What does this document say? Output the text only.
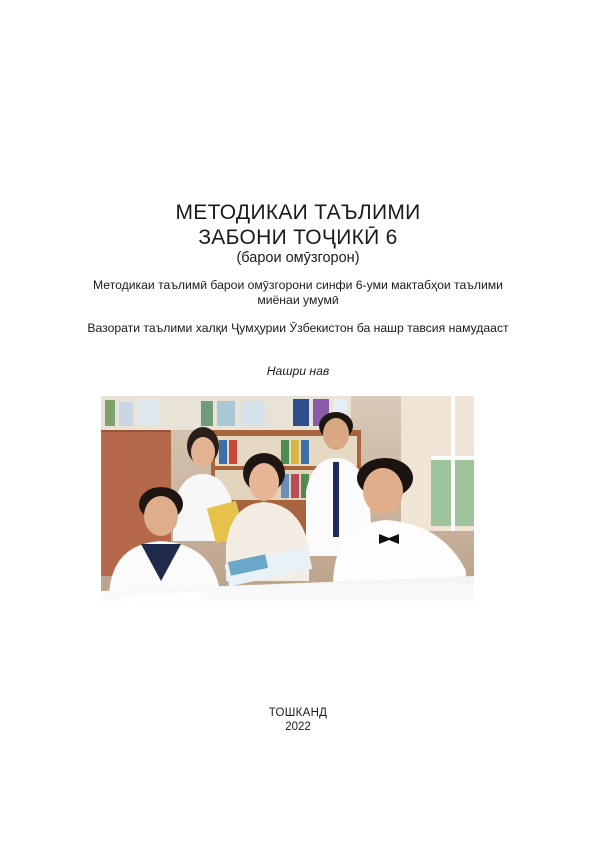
МЕТОДИКАИ ТАЪЛИМИ
ЗАБОНИ ТОҶИКӢ 6
(барои омӯзгорон)
Методикаи таълимӣ барои омӯзгорони синфи 6-уми мактабҳои таълими миёнаи умумӣ
Вазорати таълими халқи Ҷумҳурии Ӯзбекистон ба нашр тавсия намудааст
Нашри нав
ТОШКАНД
2022
